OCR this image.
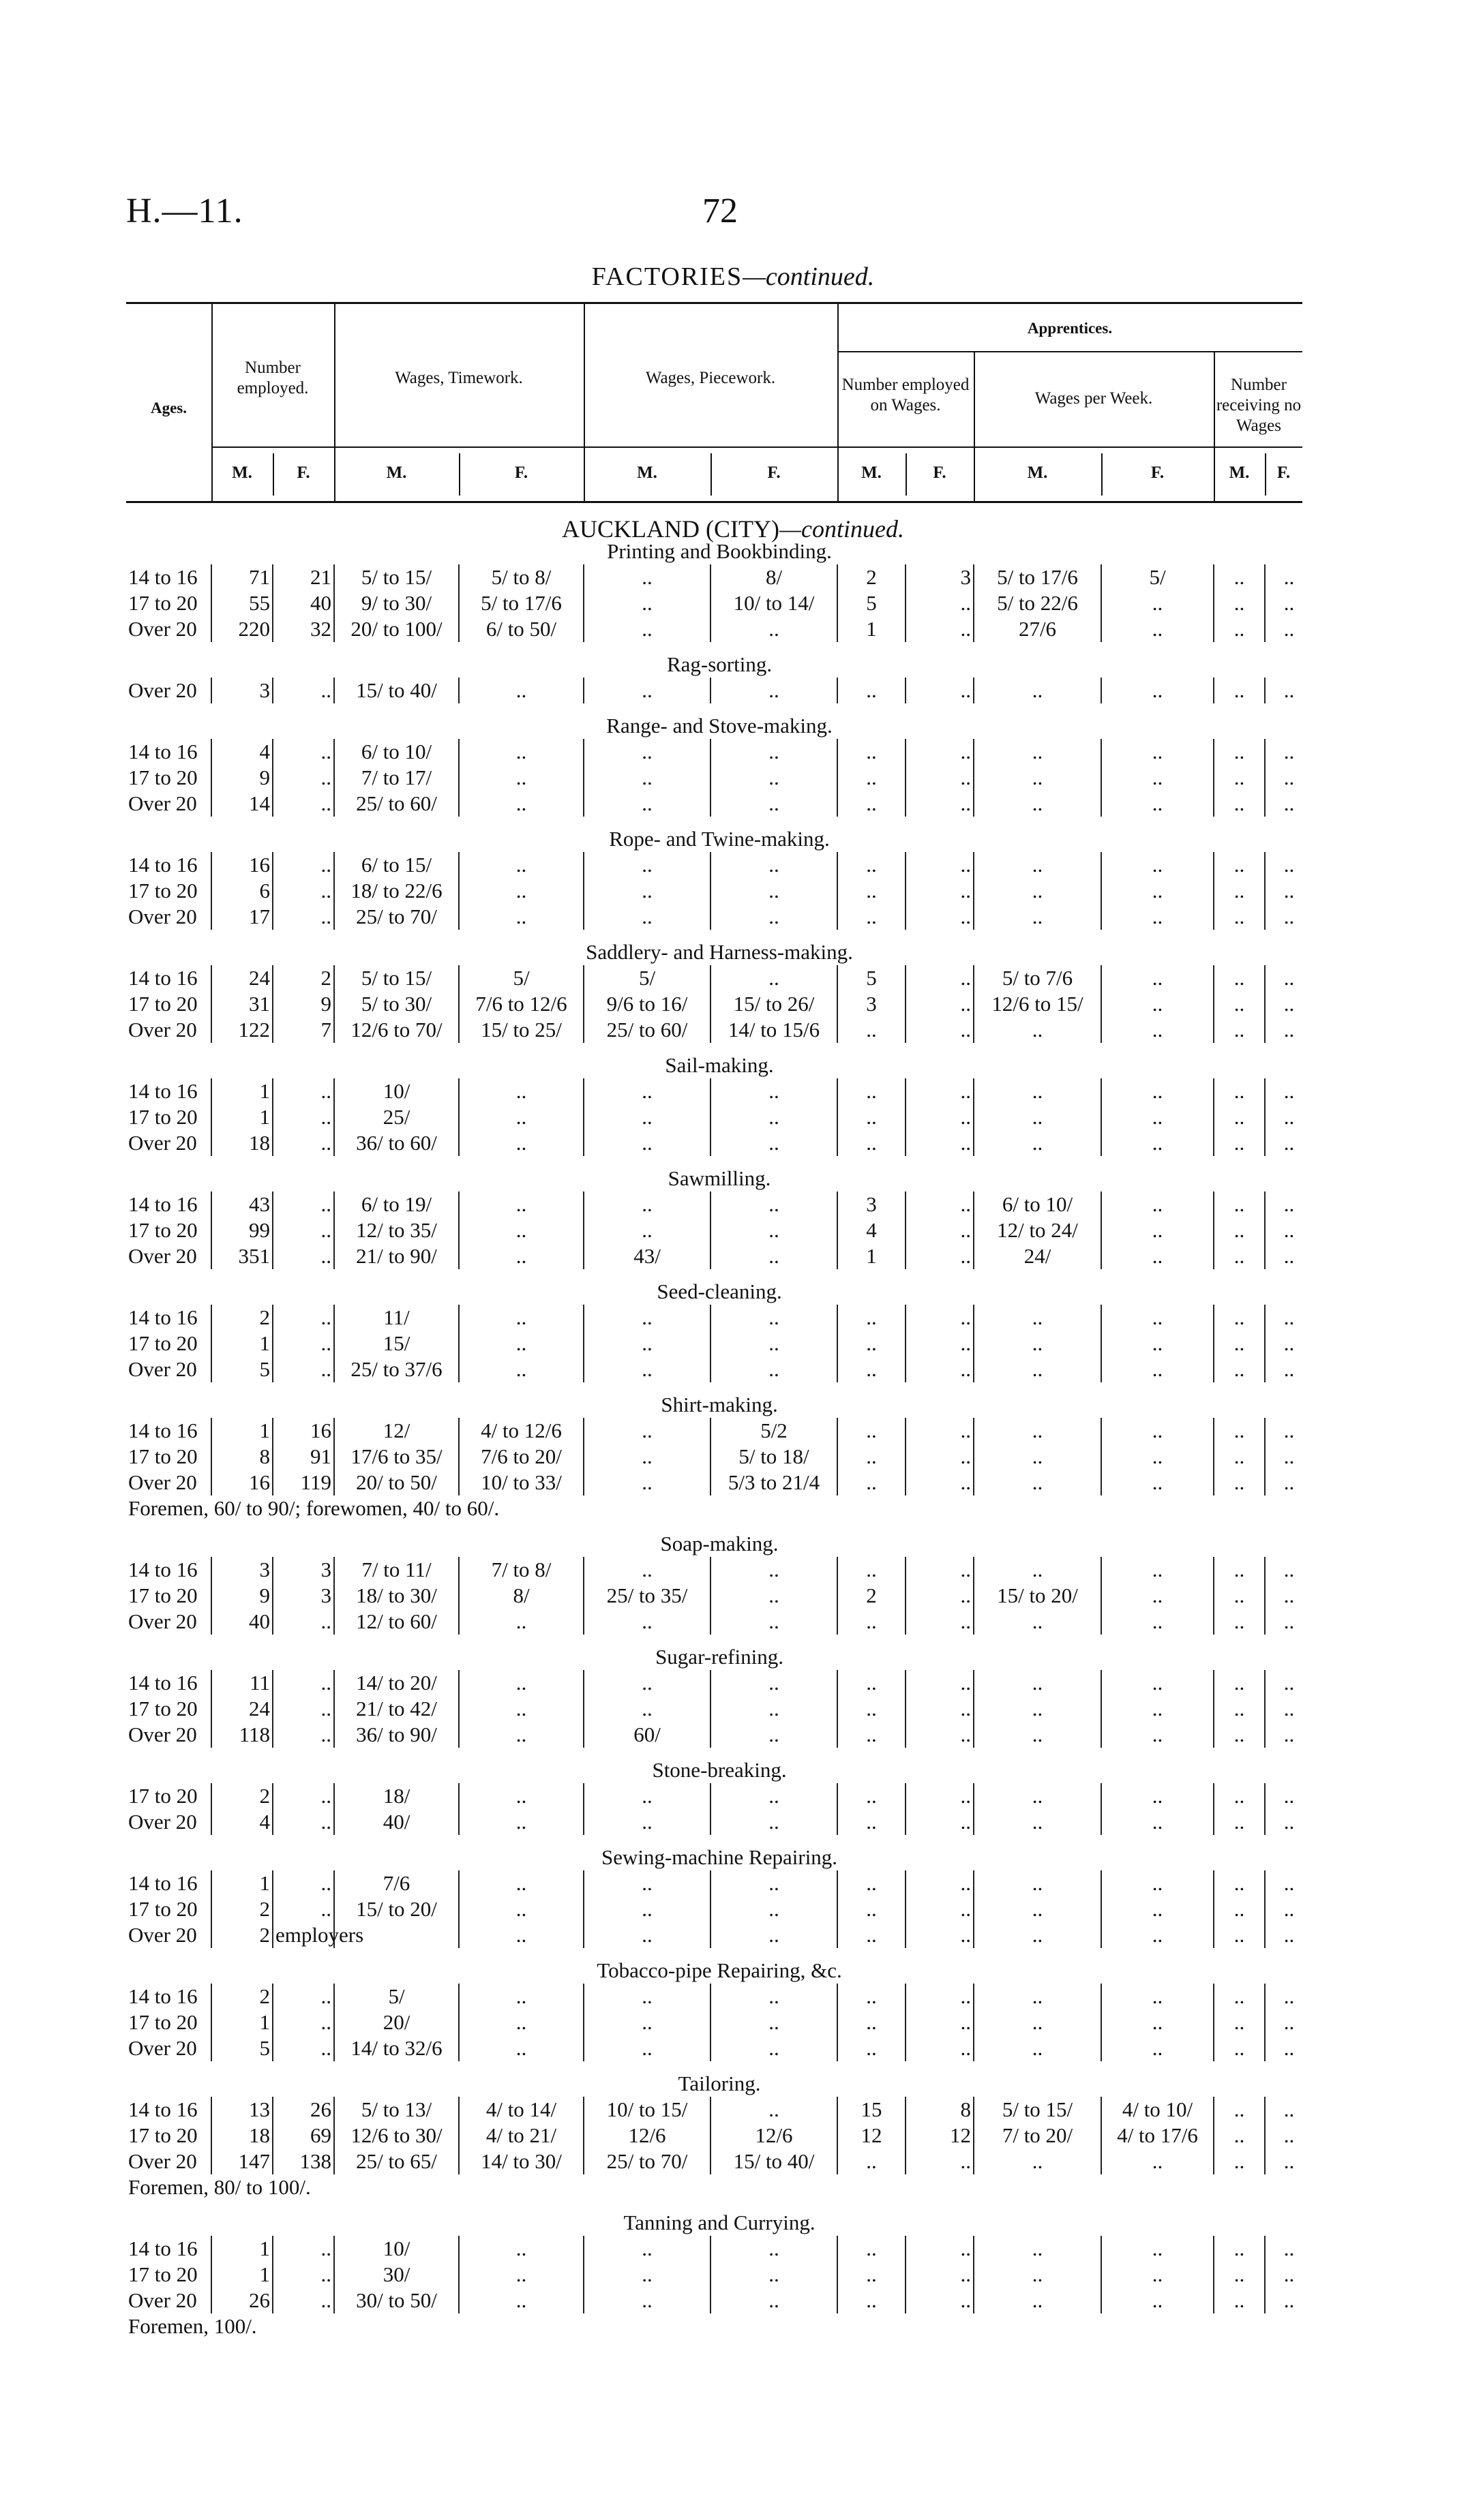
H.—11.	72
FACTORIES—continued.
Ages.
Number employed.
Wages, Timework.	Wages, Piecework.
Apprentices.
Number employed on Wages.	Wages per Week.
Number receiving no Wages
M.	F.	M.	F.	M.	F.	M.	F.	M.	F.	M.	F.
AUCKLAND (CITY)—continued.
Printing and Bookbinding.												
14 to 16	71	21	5/ to 15/	5/ to 8/	..	8/	2	3	5/ to 17/6	5/	..	..
17 to 20	55	40	9/ to 30/	5/ to 17/6	..	10/ to 14/	5	..	5/ to 22/6	..	..	..
Over 20	220	32	20/ to 100/	6/ to 50/	..	..	1	..	27/6	..	..	..

Rag-sorting.												
Over 20	3	..	15/ to 40/	..	..	..	..	..	..	..	..	..

Range- and Stove-making.												
14 to 16	4	..	6/ to 10/	..	..	..	..	..	..	..	..	..
17 to 20	9	..	7/ to 17/	..	..	..	..	..	..	..	..	..
Over 20	14	..	25/ to 60/	..	..	..	..	..	..	..	..	..

Rope- and Twine-making.												
14 to 16	16	..	6/ to 15/	..	..	..	..	..	..	..	..	..
17 to 20	6	..	18/ to 22/6	..	..	..	..	..	..	..	..	..
Over 20	17	..	25/ to 70/	..	..	..	..	..	..	..	..	..

Saddlery- and Harness-making.												
14 to 16	24	2	5/ to 15/	5/	5/	..	5	..	5/ to 7/6	..	..	..
17 to 20	31	9	5/ to 30/	7/6 to 12/6	9/6 to 16/	15/ to 26/	3	..	12/6 to 15/	..	..	..
Over 20	122	7	12/6 to 70/	15/ to 25/	25/ to 60/	14/ to 15/6	..	..	..	..	..	..

Sail-making.												
14 to 16	1	..	10/	..	..	..	..	..	..	..	..	..
17 to 20	1	..	25/	..	..	..	..	..	..	..	..	..
Over 20	18	..	36/ to 60/	..	..	..	..	..	..	..	..	..

Sawmilling.												
14 to 16	43	..	6/ to 19/	..	..	..	3	..	6/ to 10/	..	..	..
17 to 20	99	..	12/ to 35/	..	..	..	4	..	12/ to 24/	..	..	..
Over 20	351	..	21/ to 90/	..	43/	..	1	..	24/	..	..	..

Seed-cleaning.												
14 to 16	2	..	11/	..	..	..	..	..	..	..	..	..
17 to 20	1	..	15/	..	..	..	..	..	..	..	..	..
Over 20	5	..	25/ to 37/6	..	..	..	..	..	..	..	..	..

Shirt-making.												
14 to 16	1	16	12/	4/ to 12/6	..	5/2	..	..	..	..	..	..
17 to 20	8	91	17/6 to 35/	7/6 to 20/	..	5/ to 18/	..	..	..	..	..	..
Over 20	16	119	20/ to 50/	10/ to 33/	..	5/3 to 21/4	..	..	..	..	..	..
Foremen, 60/ to 90/; forewomen, 40/ to 60/.												

Soap-making.												
14 to 16	3	3	7/ to 11/	7/ to 8/	..	..	..	..	..	..	..	..
17 to 20	9	3	18/ to 30/	8/	25/ to 35/	..	2	..	15/ to 20/	..	..	..
Over 20	40	..	12/ to 60/	..	..	..	..	..	..	..	..	..

Sugar-refining.												
14 to 16	11	..	14/ to 20/	..	..	..	..	..	..	..	..	..
17 to 20	24	..	21/ to 42/	..	..	..	..	..	..	..	..	..
Over 20	118	..	36/ to 90/	..	60/	..	..	..	..	..	..	..

Stone-breaking.												
17 to 20	2	..	18/	..	..	..	..	..	..	..	..	..
Over 20	4	..	40/	..	..	..	..	..	..	..	..	..

Sewing-machine Repairing.												
14 to 16	1	..	7/6	..	..	..	..	..	..	..	..	..
17 to 20	2	..	15/ to 20/	..	..	..	..	..	..	..	..	..
Over 20	2	employers		..	..	..	..	..	..	..	..	..

Tobacco-pipe Repairing, &c.												
14 to 16	2	..	5/	..	..	..	..	..	..	..	..	..
17 to 20	1	..	20/	..	..	..	..	..	..	..	..	..
Over 20	5	..	14/ to 32/6	..	..	..	..	..	..	..	..	..

Tailoring.												
14 to 16	13	26	5/ to 13/	4/ to 14/	10/ to 15/	..	15	8	5/ to 15/	4/ to 10/	..	..
17 to 20	18	69	12/6 to 30/	4/ to 21/	12/6	12/6	12	12	7/ to 20/	4/ to 17/6	..	..
Over 20	147	138	25/ to 65/	14/ to 30/	25/ to 70/	15/ to 40/	..	..	..	..	..	..
Foremen, 80/ to 100/.												

Tanning and Currying.												
14 to 16	1	..	10/	..	..	..	..	..	..	..	..	..
17 to 20	1	..	30/	..	..	..	..	..	..	..	..	..
Over 20	26	..	30/ to 50/	..	..	..	..	..	..	..	..	..
Foremen, 100/.												
